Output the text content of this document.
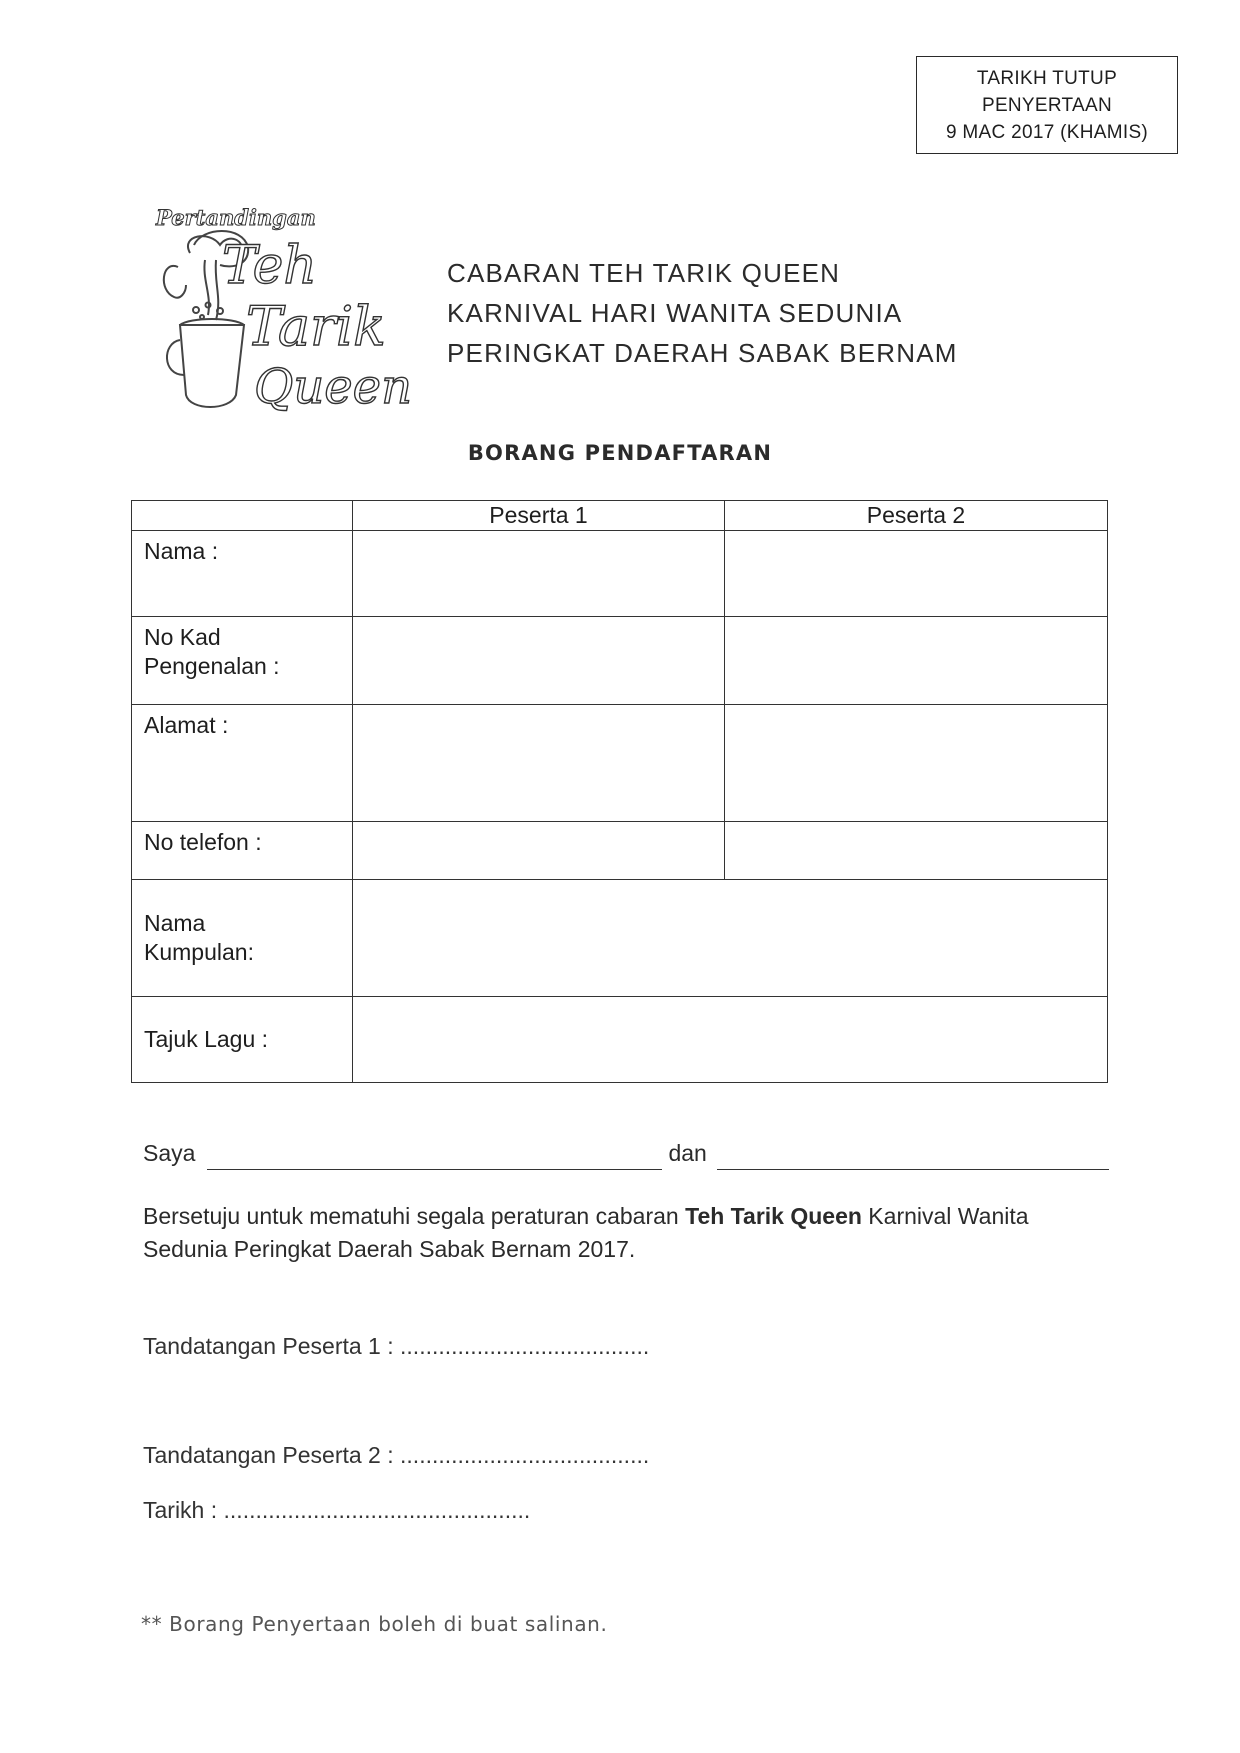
TARIKH TUTUP
PENYERTAAN
9 MAC 2017 (KHAMIS)
Pertandingan
Teh
Tarik
Queen
CABARAN TEH TARIK QUEEN
KARNIVAL HARI WANITA SEDUNIA
PERINGKAT DAERAH SABAK BERNAM
BORANG PENDAFTARAN
	Peserta 1	Peserta 2
Nama :		

No Kad
Pengenalan :		

Alamat :		
No telefon :		

Nama
Kumpulan:		

Tajuk Lagu :		
Saya	dan
Bersetuju untuk mematuhi segala peraturan cabaran Teh Tarik Queen Karnival Wanita Sedunia Peringkat Daerah Sabak Bernam 2017.
Tandatangan Peserta 1 : .......................................
Tandatangan Peserta 2 : .......................................
Tarikh : ................................................
** Borang Penyertaan boleh di buat salinan.
